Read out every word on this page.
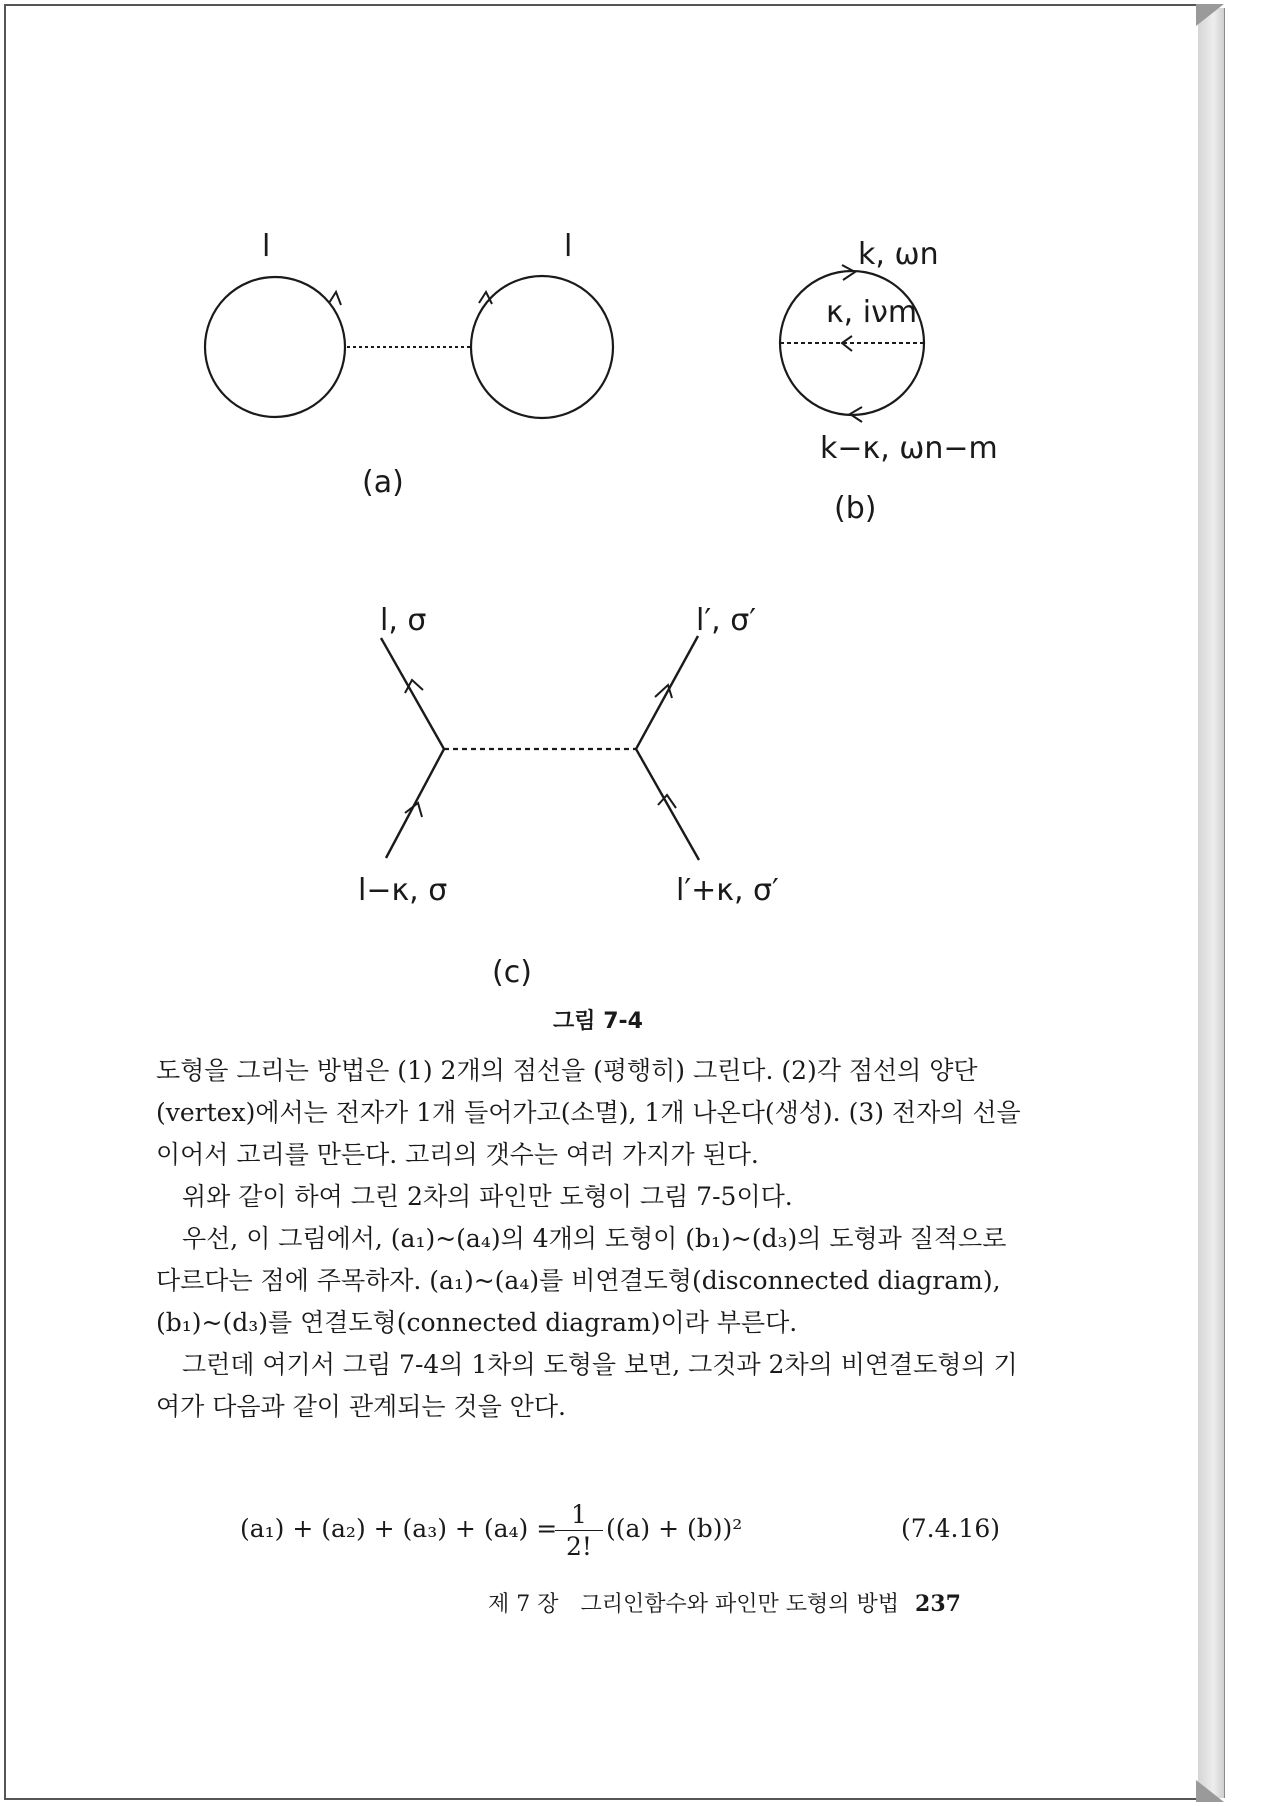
l	l
(a)
k, ωn
κ, iνm
k−κ, ωn−m
(b)
l, σ	l′, σ′
l−κ, σ	l′+κ, σ′
(c)
그림 7-4

도형을 그리는 방법은 (1) 2개의 점선을 (평행히) 그린다. (2)각 점선의 양단(vertex)에서는 전자가 1개 들어가고(소멸), 1개 나온다(생성). (3) 전자의 선을 이어서 고리를 만든다. 고리의 갯수는 여러 가지가 된다.

위와 같이 하여 그린 2차의 파인만 도형이 그림 7-5이다.

우선, 이 그림에서, (a₁)~(a₄)의 4개의 도형이 (b₁)~(d₃)의 도형과 질적으로 다르다는 점에 주목하자. (a₁)~(a₄)를 비연결도형(disconnected diagram), (b₁)~(d₃)를 연결도형(connected diagram)이라 부른다.

그런데 여기서 그림 7-4의 1차의 도형을 보면, 그것과 2차의 비연결도형의 기여가 다음과 같이 관계되는 것을 안다.

(a₁) + (a₂) + (a₃) + (a₄) =
$\frac{1}{2!} ((a) + (b))^2$	(7.4.16)
제 7 장 그리인함수와 파인만 도형의 방법 237
